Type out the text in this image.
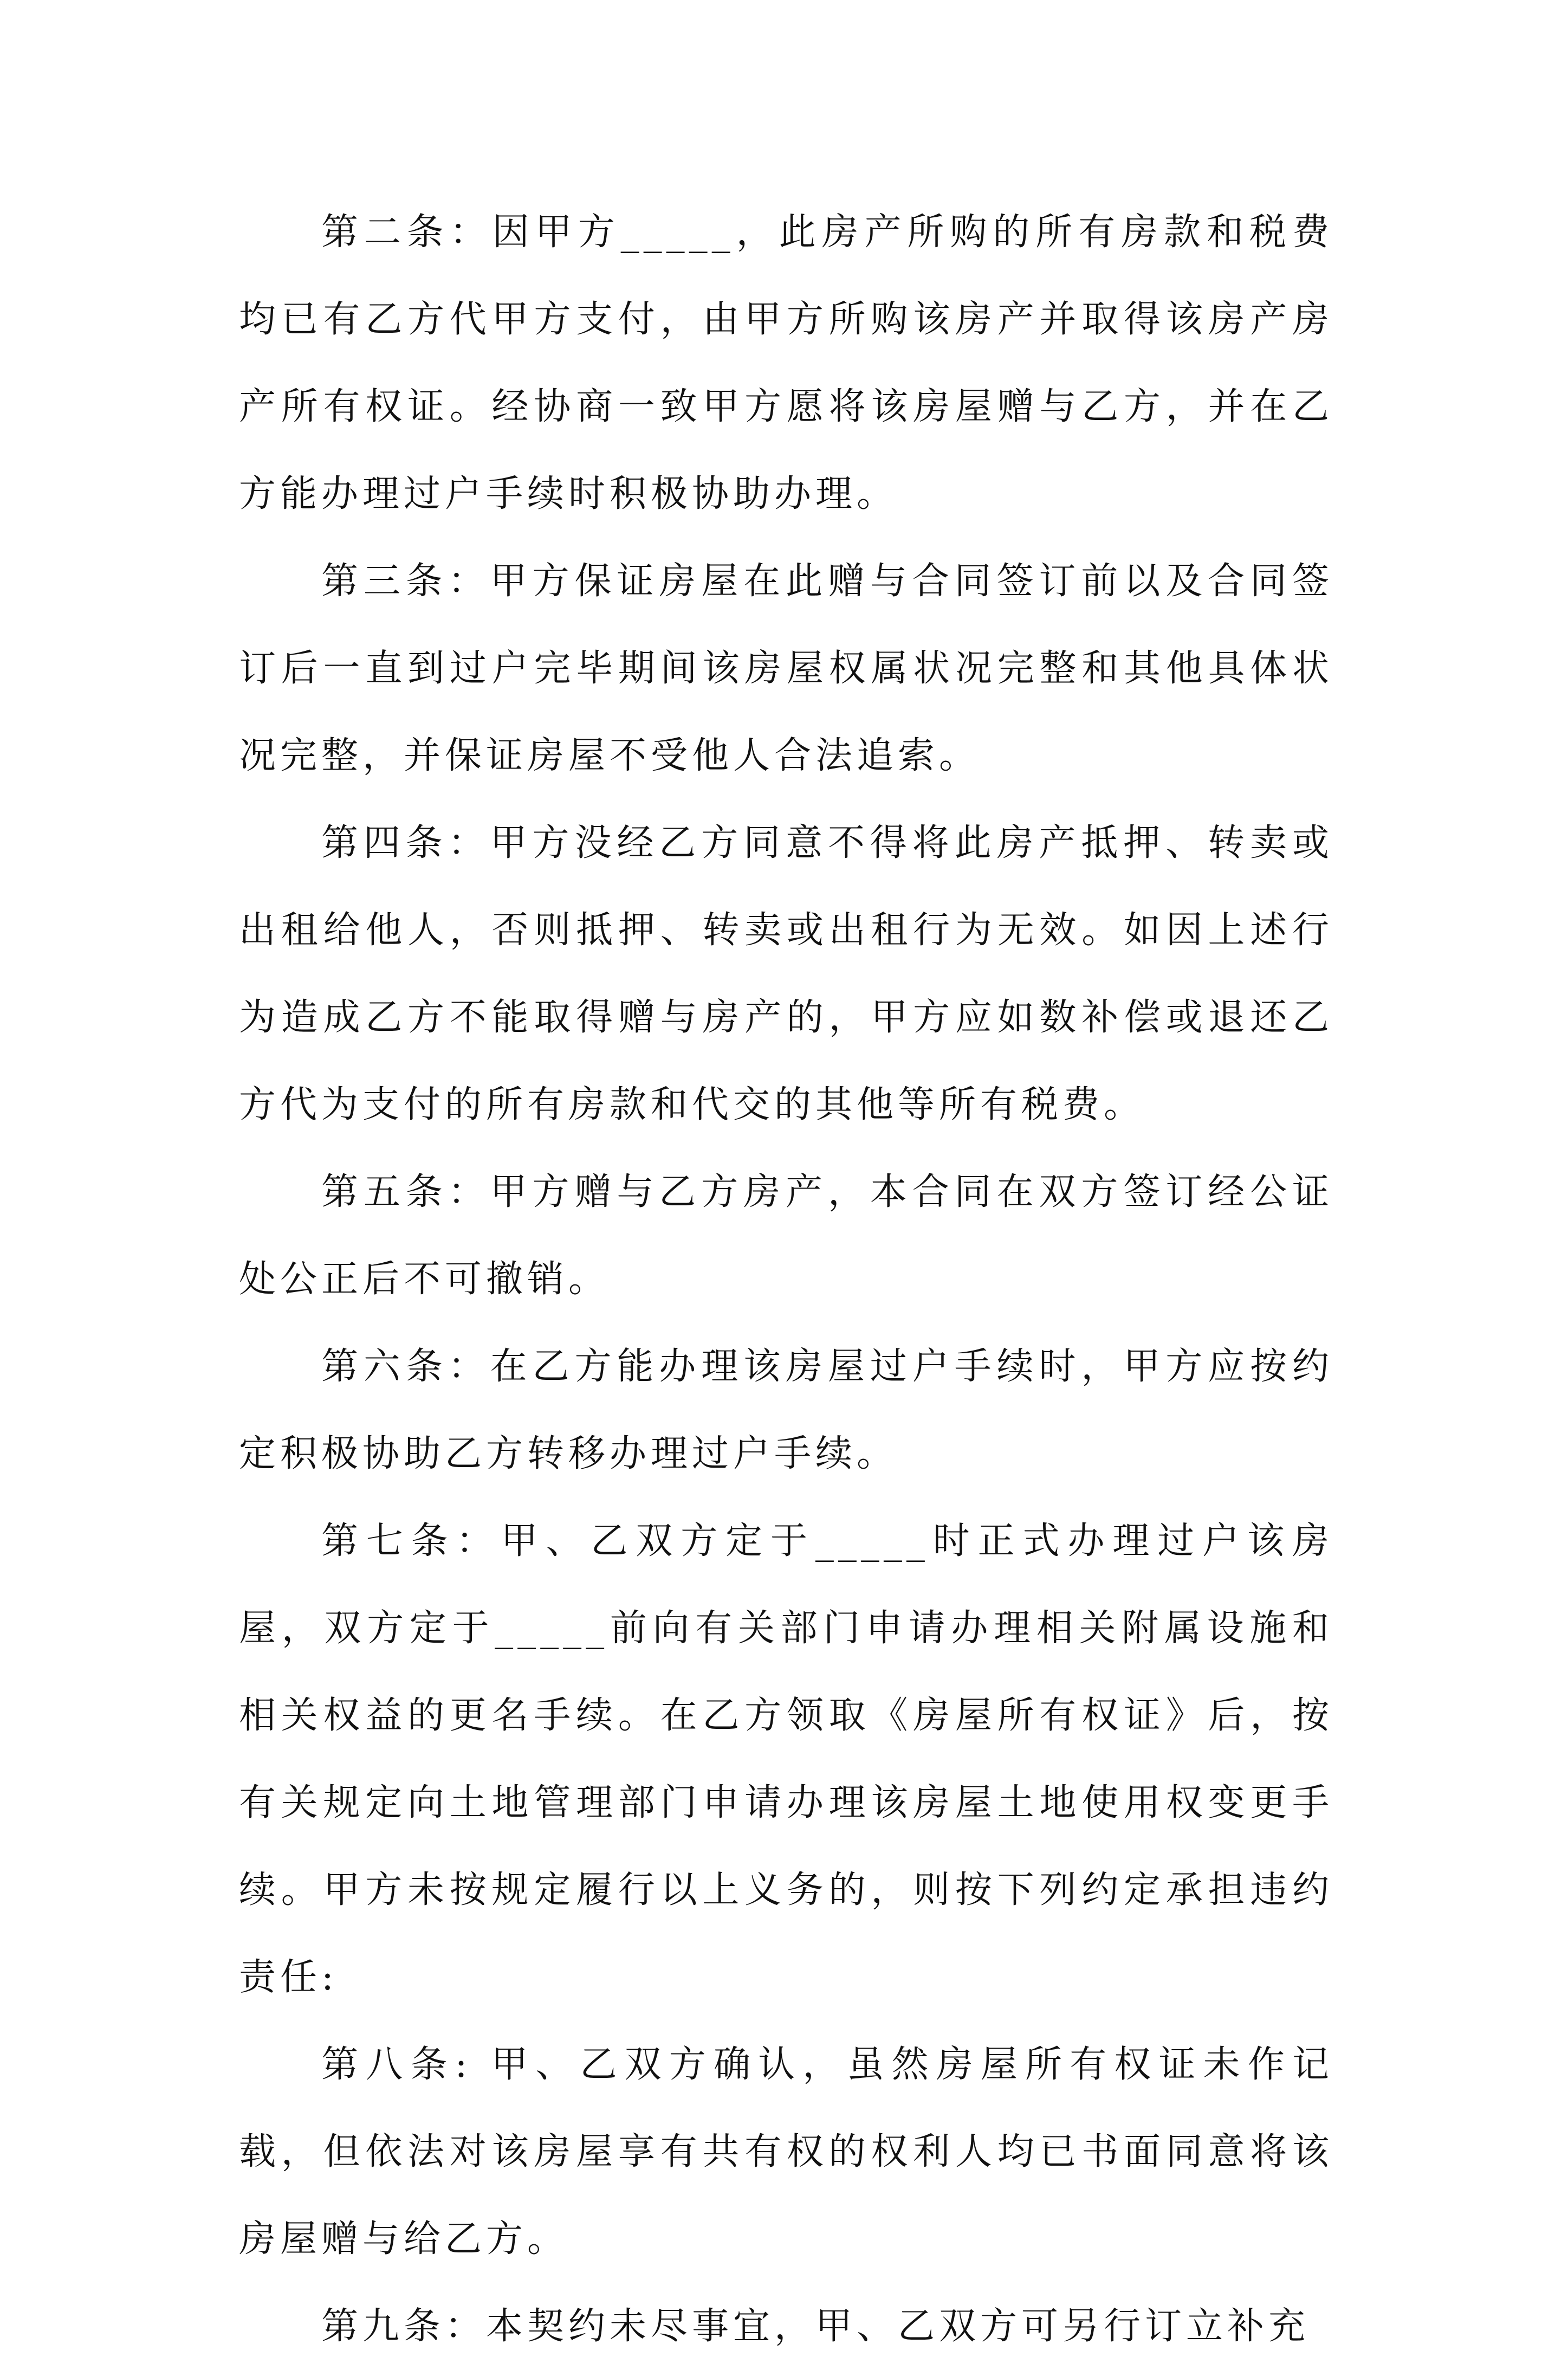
第二条：因甲方_____，此房产所购的所有房款和税费均已有乙方代甲方支付，由甲方所购该房产并取得该房产房产所有权证。经协商一致甲方愿将该房屋赠与乙方，并在乙方能办理过户手续时积极协助办理。

第三条：甲方保证房屋在此赠与合同签订前以及合同签订后一直到过户完毕期间该房屋权属状况完整和其他具体状况完整，并保证房屋不受他人合法追索。

第四条：甲方没经乙方同意不得将此房产抵押、转卖或出租给他人，否则抵押、转卖或出租行为无效。如因上述行为造成乙方不能取得赠与房产的，甲方应如数补偿或退还乙方代为支付的所有房款和代交的其他等所有税费。

第五条：甲方赠与乙方房产，本合同在双方签订经公证处公正后不可撤销。

第六条：在乙方能办理该房屋过户手续时，甲方应按约定积极协助乙方转移办理过户手续。

第七条：甲、乙双方定于_____时正式办理过户该房屋，双方定于_____前向有关部门申请办理相关附属设施和相关权益的更名手续。在乙方领取《房屋所有权证》后，按有关规定向土地管理部门申请办理该房屋土地使用权变更手续。甲方未按规定履行以上义务的，则按下列约定承担违约责任:

第八条: 甲、乙双方确认，虽然房屋所有权证未作记载，但依法对该房屋享有共有权的权利人均已书面同意将该房屋赠与给乙方。

第九条：本契约未尽事宜，甲、乙双方可另行订立补充
